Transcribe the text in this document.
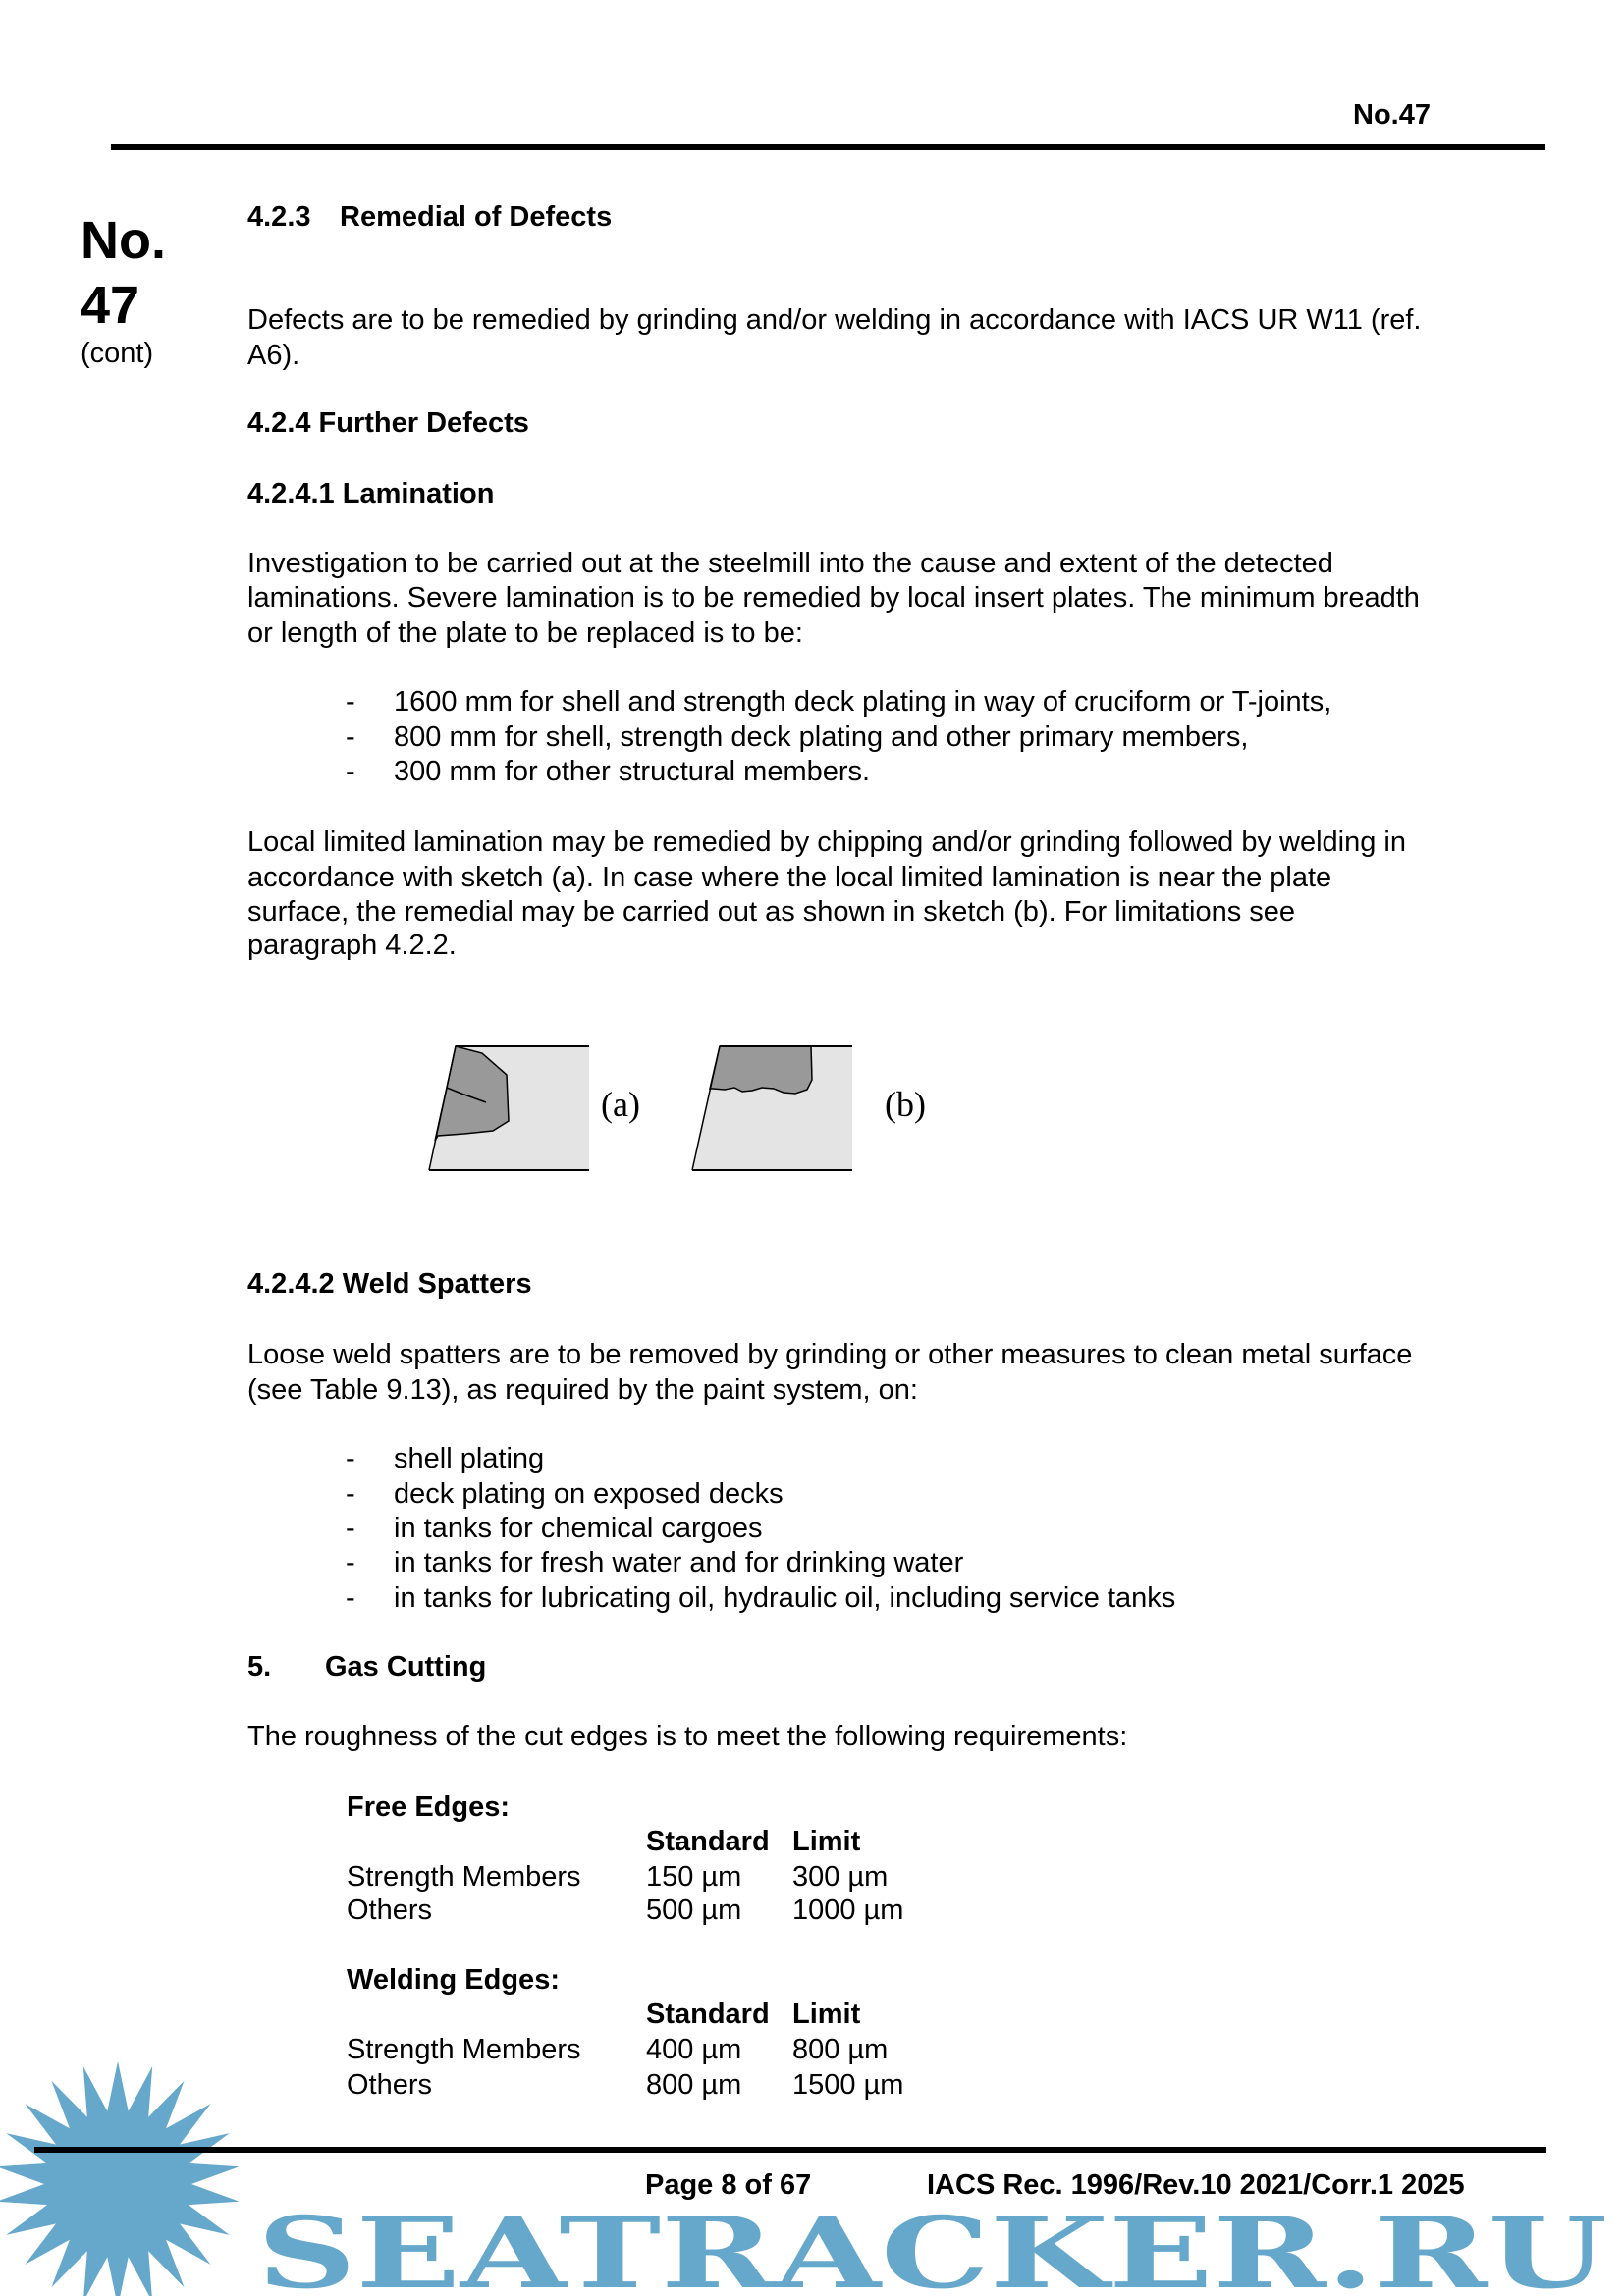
SEATRACKER.RU
No.47
No.
47
(cont)
4.2.3 Remedial of Defects
Defects are to be remedied by grinding and/or welding in accordance with IACS UR W11 (ref.
A6).
4.2.4 Further Defects
4.2.4.1 Lamination
Investigation to be carried out at the steelmill into the cause and extent of the detected
laminations. Severe lamination is to be remedied by local insert plates. The minimum breadth
or length of the plate to be replaced is to be:
- 1600 mm for shell and strength deck plating in way of cruciform or T-joints,
- 800 mm for shell, strength deck plating and other primary members,
- 300 mm for other structural members.
Local limited lamination may be remedied by chipping and/or grinding followed by welding in
accordance with sketch (a). In case where the local limited lamination is near the plate
surface, the remedial may be carried out as shown in sketch (b). For limitations see
paragraph 4.2.2.
(a)	(b)
4.2.4.2 Weld Spatters
Loose weld spatters are to be removed by grinding or other measures to clean metal surface
(see Table 9.13), as required by the paint system, on:
- shell plating
- deck plating on exposed decks
- in tanks for chemical cargoes
- in tanks for fresh water and for drinking water
- in tanks for lubricating oil, hydraulic oil, including service tanks
5. Gas Cutting
The roughness of the cut edges is to meet the following requirements:
Free Edges:
Standard Limit
Strength Members 150 µm 300 µm
Others	500 µm 1000 µm
Welding Edges:
Standard Limit
Strength Members 400 µm 800 µm
Others	800 µm 1500 µm
Page 8 of 67	IACS Rec. 1996/Rev.10 2021/Corr.1 2025
